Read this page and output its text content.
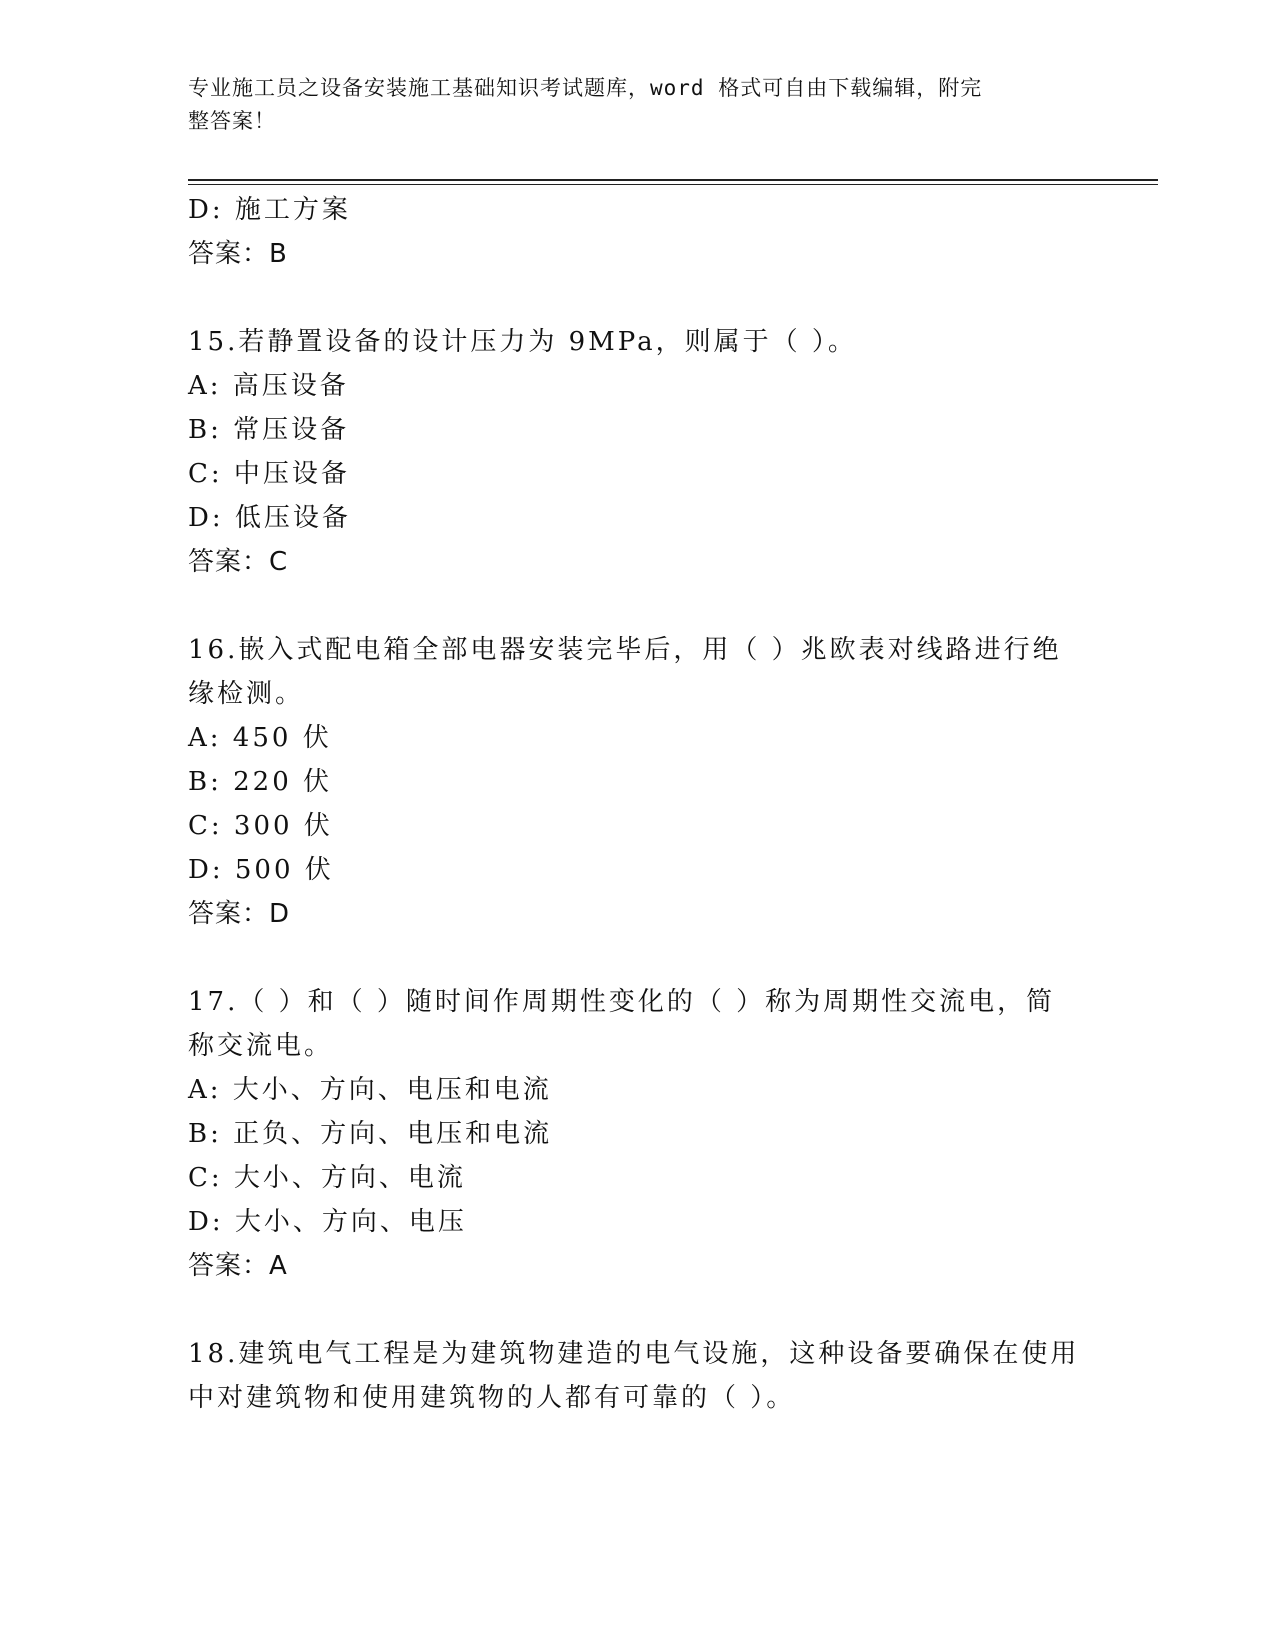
专业施工员之设备安装施工基础知识考试题库，word 格式可自由下载编辑，附完
整答案！
D: 施工方案
答案：B
15.若静置设备的设计压力为 9MPa，则属于（ ）。
A: 高压设备
B: 常压设备
C: 中压设备
D: 低压设备
答案：C
16.嵌入式配电箱全部电器安装完毕后，用（ ）兆欧表对线路进行绝
缘检测。
A: 450 伏
B: 220 伏
C: 300 伏
D: 500 伏
答案：D
17.（ ）和（ ）随时间作周期性变化的（ ）称为周期性交流电，简
称交流电。
A: 大小、方向、电压和电流
B: 正负、方向、电压和电流
C: 大小、方向、电流
D: 大小、方向、电压
答案：A
18.建筑电气工程是为建筑物建造的电气设施，这种设备要确保在使用
中对建筑物和使用建筑物的人都有可靠的（ ）。
